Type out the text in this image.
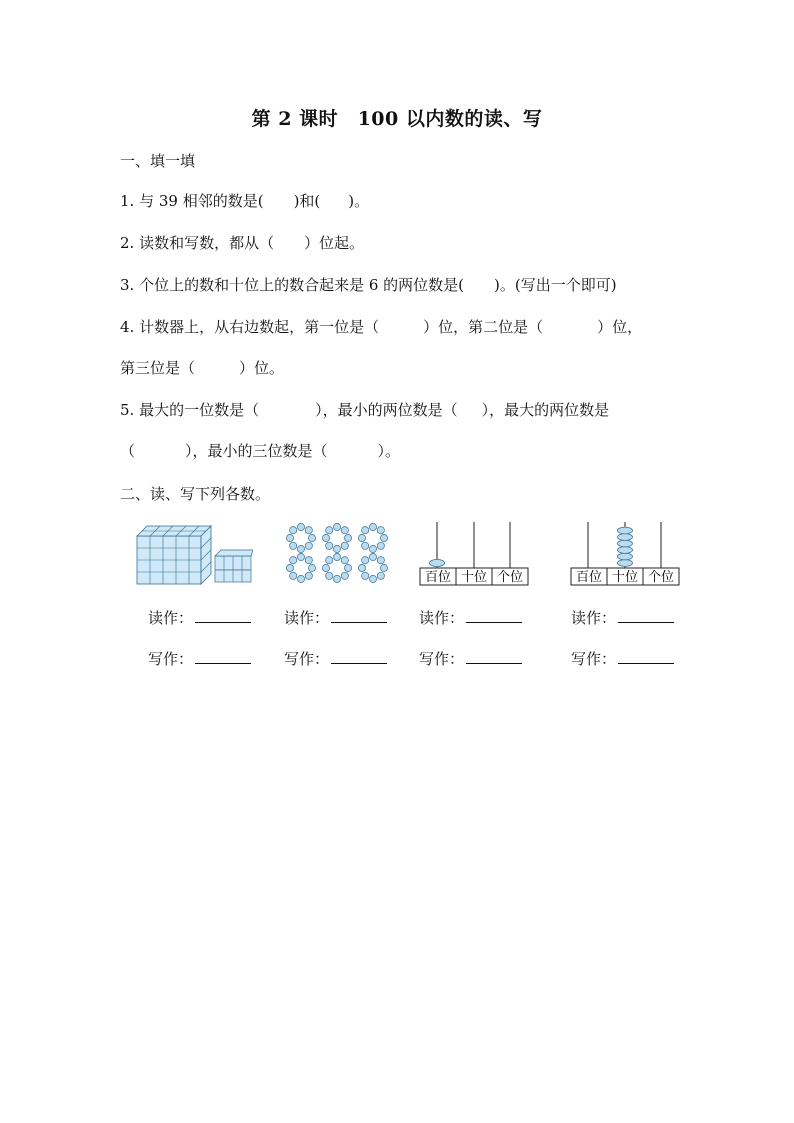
第 2 课时　100 以内数的读、写
一、填一填
1. 与 39 相邻的数是( )和( )。
2. 读数和写数，都从（ ）位起。
3. 个位上的数和十位上的数合起来是 6 的两位数是( )。(写出一个即可)
4. 计数器上，从右边数起，第一位是（	）位，第二位是（	）位，
第三位是（	）位。
5. 最大的一位数是（	），最小的两位数是（ ），最大的两位数是
（	），最小的三位数是（	）。
二、读、写下列各数。
百位 十位 个位	百位 十位 个位
读作：	读作：	读作：	读作：
写作：	写作：	写作：	写作：
